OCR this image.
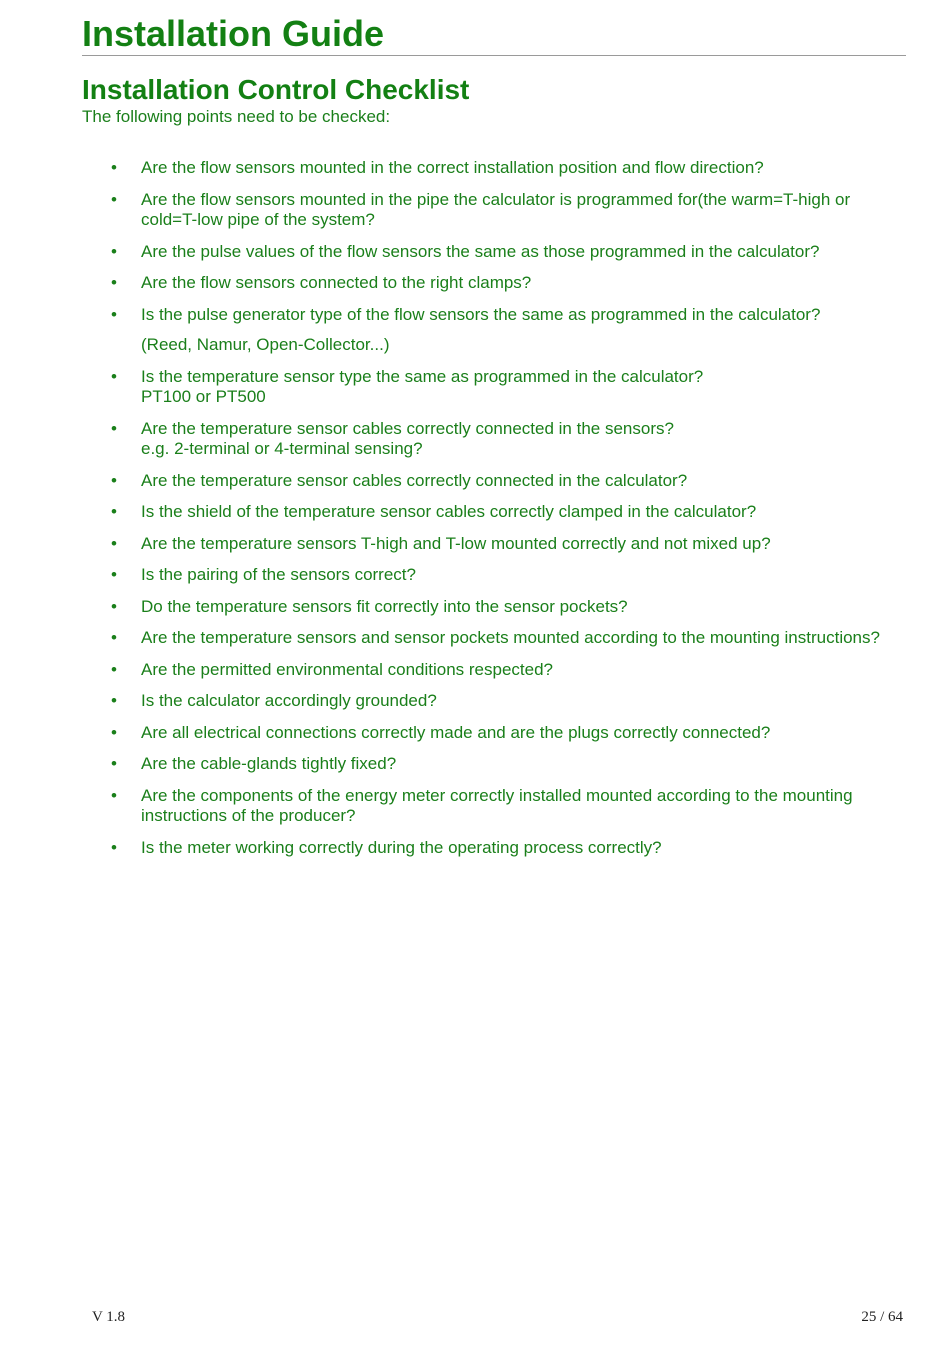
Installation Guide
Installation Control Checklist

The following points need to be checked:

• Are the flow sensors mounted in the correct installation position and flow direction?
• Are the flow sensors mounted in the pipe the calculator is programmed for(the warm=T-high or cold=T-low pipe of the system?
• Are the pulse values of the flow sensors the same as those programmed in the calculator?
• Are the flow sensors connected to the right clamps?
• Is the pulse generator type of the flow sensors the same as programmed in the calculator?
(Reed, Namur, Open-Collector...)
• Is the temperature sensor type the same as programmed in the calculator?
PT100 or PT500
• Are the temperature sensor cables correctly connected in the sensors?
e.g. 2-terminal or 4-terminal sensing?
• Are the temperature sensor cables correctly connected in the calculator?
• Is the shield of the temperature sensor cables correctly clamped in the calculator?
• Are the temperature sensors T-high and T-low mounted correctly and not mixed up?
• Is the pairing of the sensors correct?
• Do the temperature sensors fit correctly into the sensor pockets?
• Are the temperature sensors and sensor pockets mounted according to the mounting instructions?
• Are the permitted environmental conditions respected?
• Is the calculator accordingly grounded?
• Are all electrical connections correctly made and are the plugs correctly connected?
• Are the cable-glands tightly fixed?
• Are the components of the energy meter correctly installed mounted according to the mounting instructions of the producer?
• Is the meter working correctly during the operating process correctly?
V 1.8	25 / 64
